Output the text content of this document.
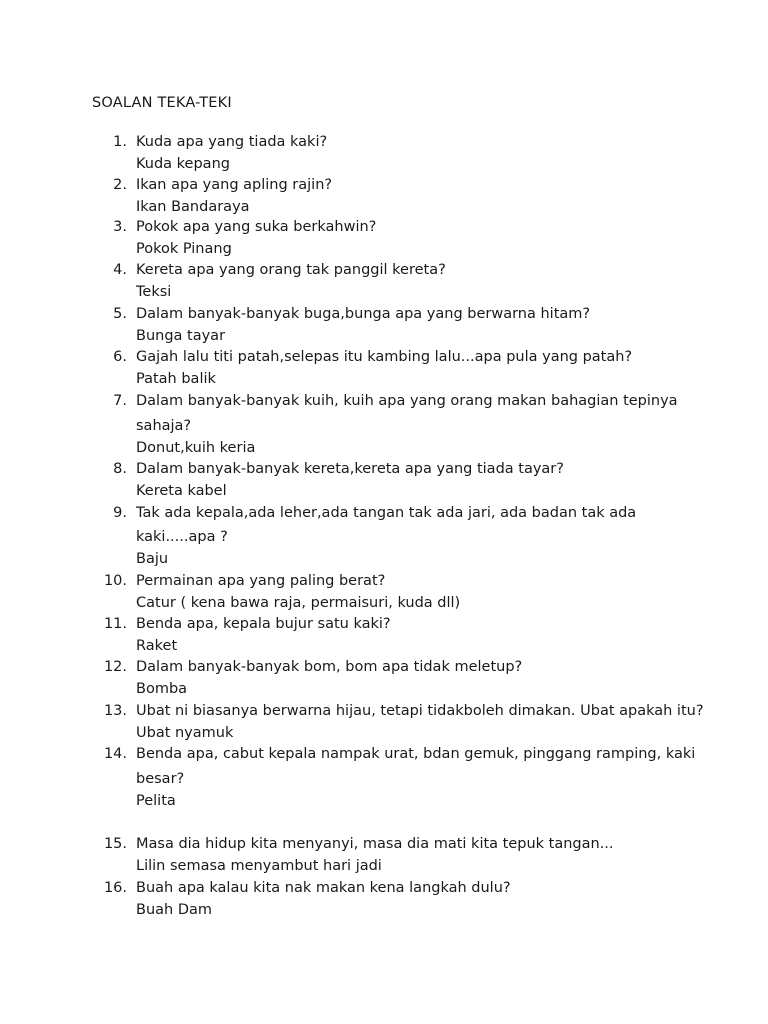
SOALAN TEKA-TEKI
1. Kuda apa yang tiada kaki?
Kuda kepang
2. Ikan apa yang apling rajin?
Ikan Bandaraya
3. Pokok apa yang suka berkahwin?
Pokok Pinang
4. Kereta apa yang orang tak panggil kereta?
Teksi
5. Dalam banyak-banyak buga,bunga apa yang berwarna hitam?
Bunga tayar
6. Gajah lalu titi patah,selepas itu kambing lalu...apa pula yang patah?
Patah balik
7. Dalam banyak-banyak kuih, kuih apa yang orang makan bahagian tepinya
sahaja?
Donut,kuih keria
8. Dalam banyak-banyak kereta,kereta apa yang tiada tayar?
Kereta kabel
9. Tak ada kepala,ada leher,ada tangan tak ada jari, ada badan tak ada
kaki.....apa ?
Baju
10. Permainan apa yang paling berat?
Catur ( kena bawa raja, permaisuri, kuda dll)
11. Benda apa, kepala bujur satu kaki?
Raket
12. Dalam banyak-banyak bom, bom apa tidak meletup?
Bomba
13. Ubat ni biasanya berwarna hijau, tetapi tidakboleh dimakan. Ubat apakah itu?
Ubat nyamuk
14. Benda apa, cabut kepala nampak urat, bdan gemuk, pinggang ramping, kaki
besar?
Pelita
15. Masa dia hidup kita menyanyi, masa dia mati kita tepuk tangan...
Lilin semasa menyambut hari jadi
16. Buah apa kalau kita nak makan kena langkah dulu?
Buah Dam
